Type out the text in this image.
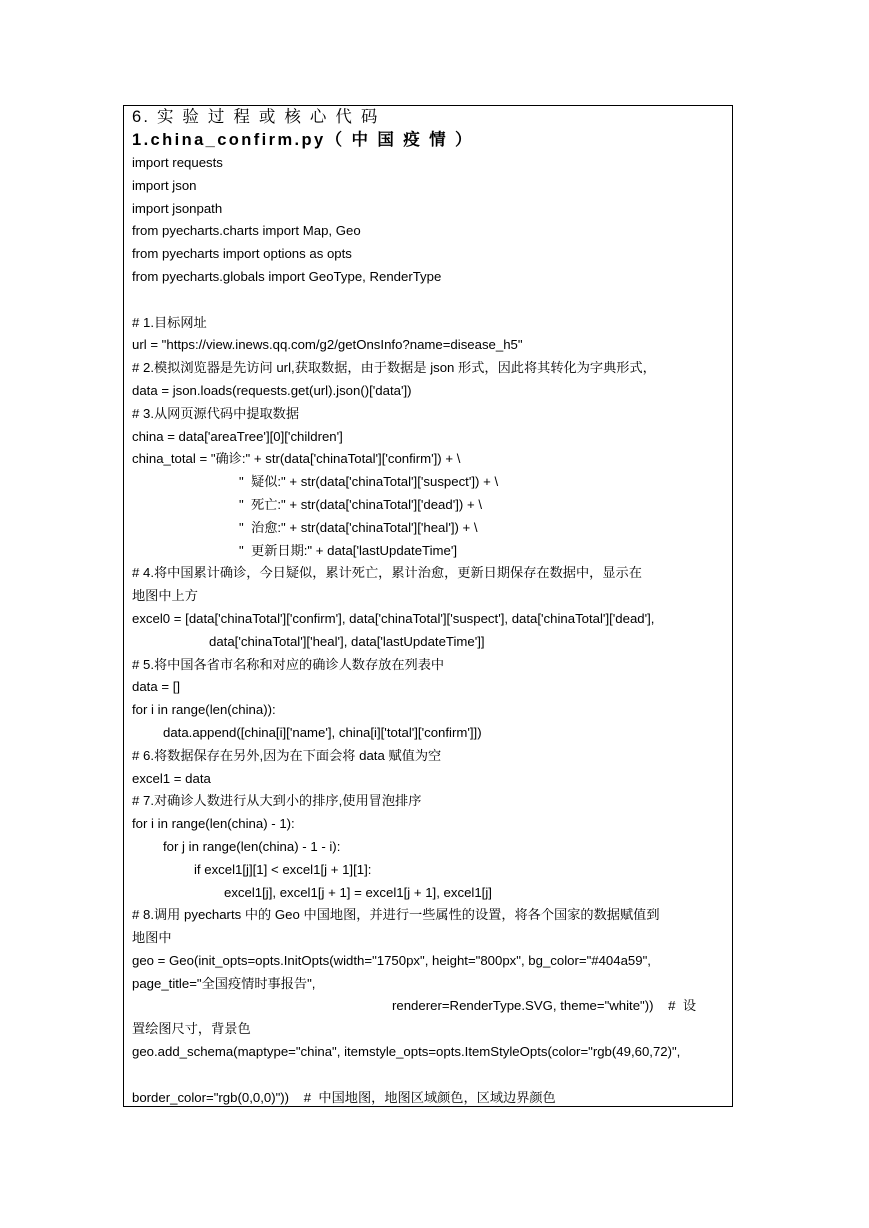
6. 实 验 过 程 或 核 心 代 码
1.china_confirm.py（ 中 国 疫 情 ）
import requests
import json
import jsonpath
from pyecharts.charts import Map, Geo
from pyecharts import options as opts
from pyecharts.globals import GeoType, RenderType
# 1.目标网址
url = "https://view.inews.qq.com/g2/getOnsInfo?name=disease_h5"
# 2.模拟浏览器是先访问 url,获取数据，由于数据是 json 形式，因此将其转化为字典形式，
data = json.loads(requests.get(url).json()['data'])
# 3.从网页源代码中提取数据
china = data['areaTree'][0]['children']
china_total = "确诊:" + str(data['chinaTotal']['confirm']) + \
"  疑似:" + str(data['chinaTotal']['suspect']) + \
"  死亡:" + str(data['chinaTotal']['dead']) + \
"  治愈:" + str(data['chinaTotal']['heal']) + \
"  更新日期:" + data['lastUpdateTime']
# 4.将中国累计确诊，今日疑似，累计死亡，累计治愈，更新日期保存在数据中，显示在
地图中上方
excel0 = [data['chinaTotal']['confirm'], data['chinaTotal']['suspect'], data['chinaTotal']['dead'],
data['chinaTotal']['heal'], data['lastUpdateTime']]
# 5.将中国各省市名称和对应的确诊人数存放在列表中
data = []
for i in range(len(china)):
data.append([china[i]['name'], china[i]['total']['confirm']])
# 6.将数据保存在另外,因为在下面会将 data 赋值为空
excel1 = data
# 7.对确诊人数进行从大到小的排序,使用冒泡排序
for i in range(len(china) - 1):
for j in range(len(china) - 1 - i):
if excel1[j][1] < excel1[j + 1][1]:
excel1[j], excel1[j + 1] = excel1[j + 1], excel1[j]
# 8.调用 pyecharts 中的 Geo 中国地图，并进行一些属性的设置，将各个国家的数据赋值到
地图中
geo = Geo(init_opts=opts.InitOpts(width="1750px", height="800px", bg_color="#404a59",
page_title="全国疫情时事报告",
renderer=RenderType.SVG, theme="white"))    #  设
置绘图尺寸，背景色
geo.add_schema(maptype="china", itemstyle_opts=opts.ItemStyleOpts(color="rgb(49,60,72)",
border_color="rgb(0,0,0)"))    #  中国地图，地图区域颜色，区域边界颜色
